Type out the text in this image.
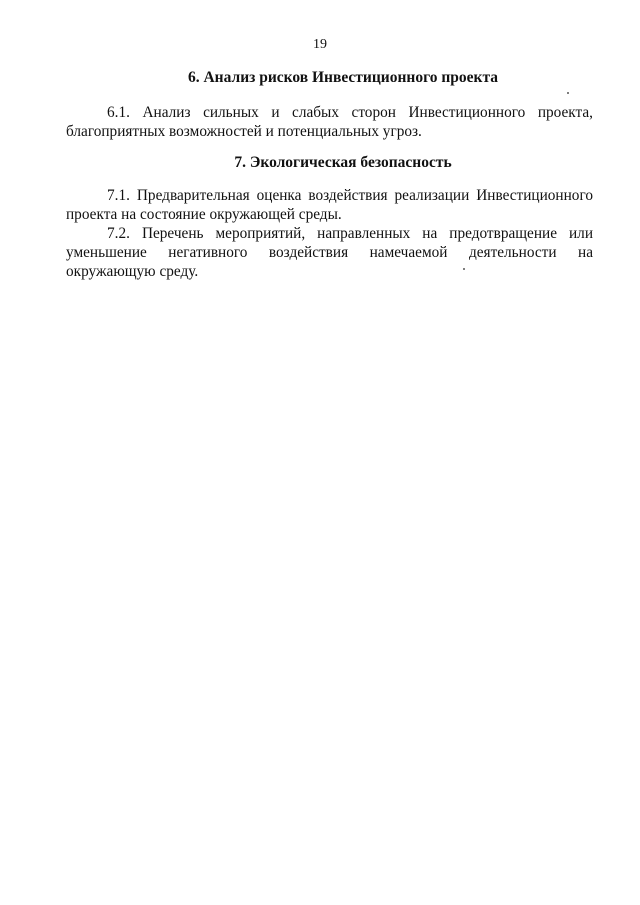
19
6. Анализ рисков Инвестиционного проекта
6.1. Анализ сильных и слабых сторон Инвестиционного проекта, благоприятных возможностей и потенциальных угроз.
7. Экологическая безопасность
7.1. Предварительная оценка воздействия реализации Инвестиционного проекта на состояние окружающей среды.
7.2. Перечень мероприятий, направленных на предотвращение или уменьшение негативного воздействия намечаемой деятельности на окружающую среду.
